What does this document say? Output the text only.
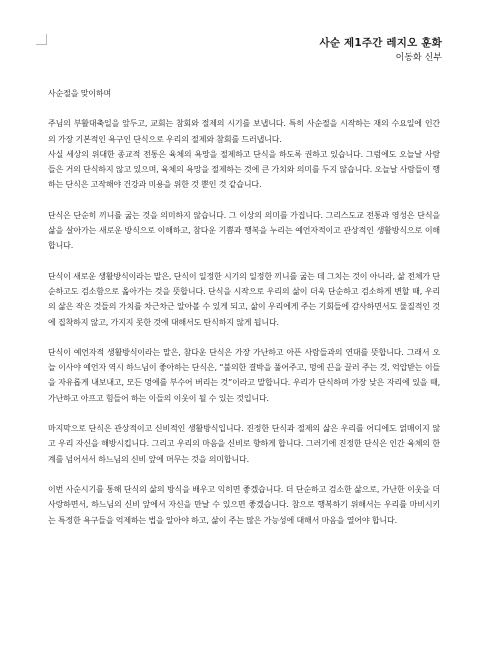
사순 제1주간 레지오 훈화
이동화 신부

사순절을 맞이하며

주님의 부활대축일을 앞두고, 교회는 참회와 절제의 시기를 보냅니다. 특히 사순절을 시작하는 재의 수요일에 인간의 가장 기본적인 욕구인 단식으로 우리의 절제와 참회를 드러냅니다.

사실 세상의 위대한 종교적 전통은 육체의 욕망을 절제하고 단식을 하도록 권하고 있습니다. 그럼에도 오늘날 사람들은 거의 단식하지 않고 있으며, 육체의 욕망을 절제하는 것에 큰 가치와 의미를 두지 않습니다. 오늘날 사람들이 행하는 단식은 고작해야 건강과 미용을 위한 것 뿐인 것 같습니다.

단식은 단순히 끼니를 굶는 것을 의미하지 않습니다. 그 이상의 의미를 가집니다. 그리스도교 전통과 영성은 단식을 삶을 살아가는 새로운 방식으로 이해하고, 참다운 기쁨과 행복을 누리는 예언자적이고 관상적인 생활방식으로 이해합니다.

단식이 새로운 생활방식이라는 말은, 단식이 일정한 시기의 일정한 끼니를 굶는 데 그치는 것이 아니라, 삶 전체가 단순하고도 검소함으로 옮아가는 것을 뜻합니다. 단식을 시작으로 우리의 삶이 더욱 단순하고 검소하게 변할 때, 우리의 삶은 작은 것들의 가치를 차근차근 알아볼 수 있게 되고, 삶이 우리에게 주는 기회들에 감사하면서도 물질적인 것에 집착하지 않고, 가지지 못한 것에 대해서도 탄식하지 않게 됩니다.

단식이 예언자적 생활방식이라는 말은, 참다운 단식은 가장 가난하고 아픈 사람들과의 연대를 뜻합니다. 그래서 오늘 이사야 예언자 역시 하느님이 좋아하는 단식은, “불의한 결박을 풀어주고, 멍에 끈을 끌러 주는 것, 억압받는 이들을 자유롭게 내보내고, 모든 멍에를 부수어 버리는 것”이라고 말합니다. 우리가 단식하며 가장 낮은 자리에 있을 때, 가난하고 아프고 힘들어 하는 이들의 이웃이 될 수 있는 것입니다.

마지막으로 단식은 관상적이고 신비적인 생활방식입니다. 진정한 단식과 절제의 삶은 우리를 어디에도 얽매이지 않고 우리 자신을 해방시킵니다. 그리고 우리의 마음을 신비로 향하게 합니다. 그러기에 진정한 단식은 인간 육체의 한계를 넘어서서 하느님의 신비 앞에 머무는 것을 의미합니다.

이번 사순시기를 통해 단식의 삶의 방식을 배우고 익히면 좋겠습니다. 더 단순하고 검소한 삶으로, 가난한 이웃을 더 사랑하면서, 하느님의 신비 앞에서 자신을 만날 수 있으면 좋겠습니다. 참으로 행복하기 위해서는 우리를 마비시키는 특정한 욕구들을 억제하는 법을 알아야 하고, 삶이 주는 많은 가능성에 대해서 마음을 열어야 합니다.
